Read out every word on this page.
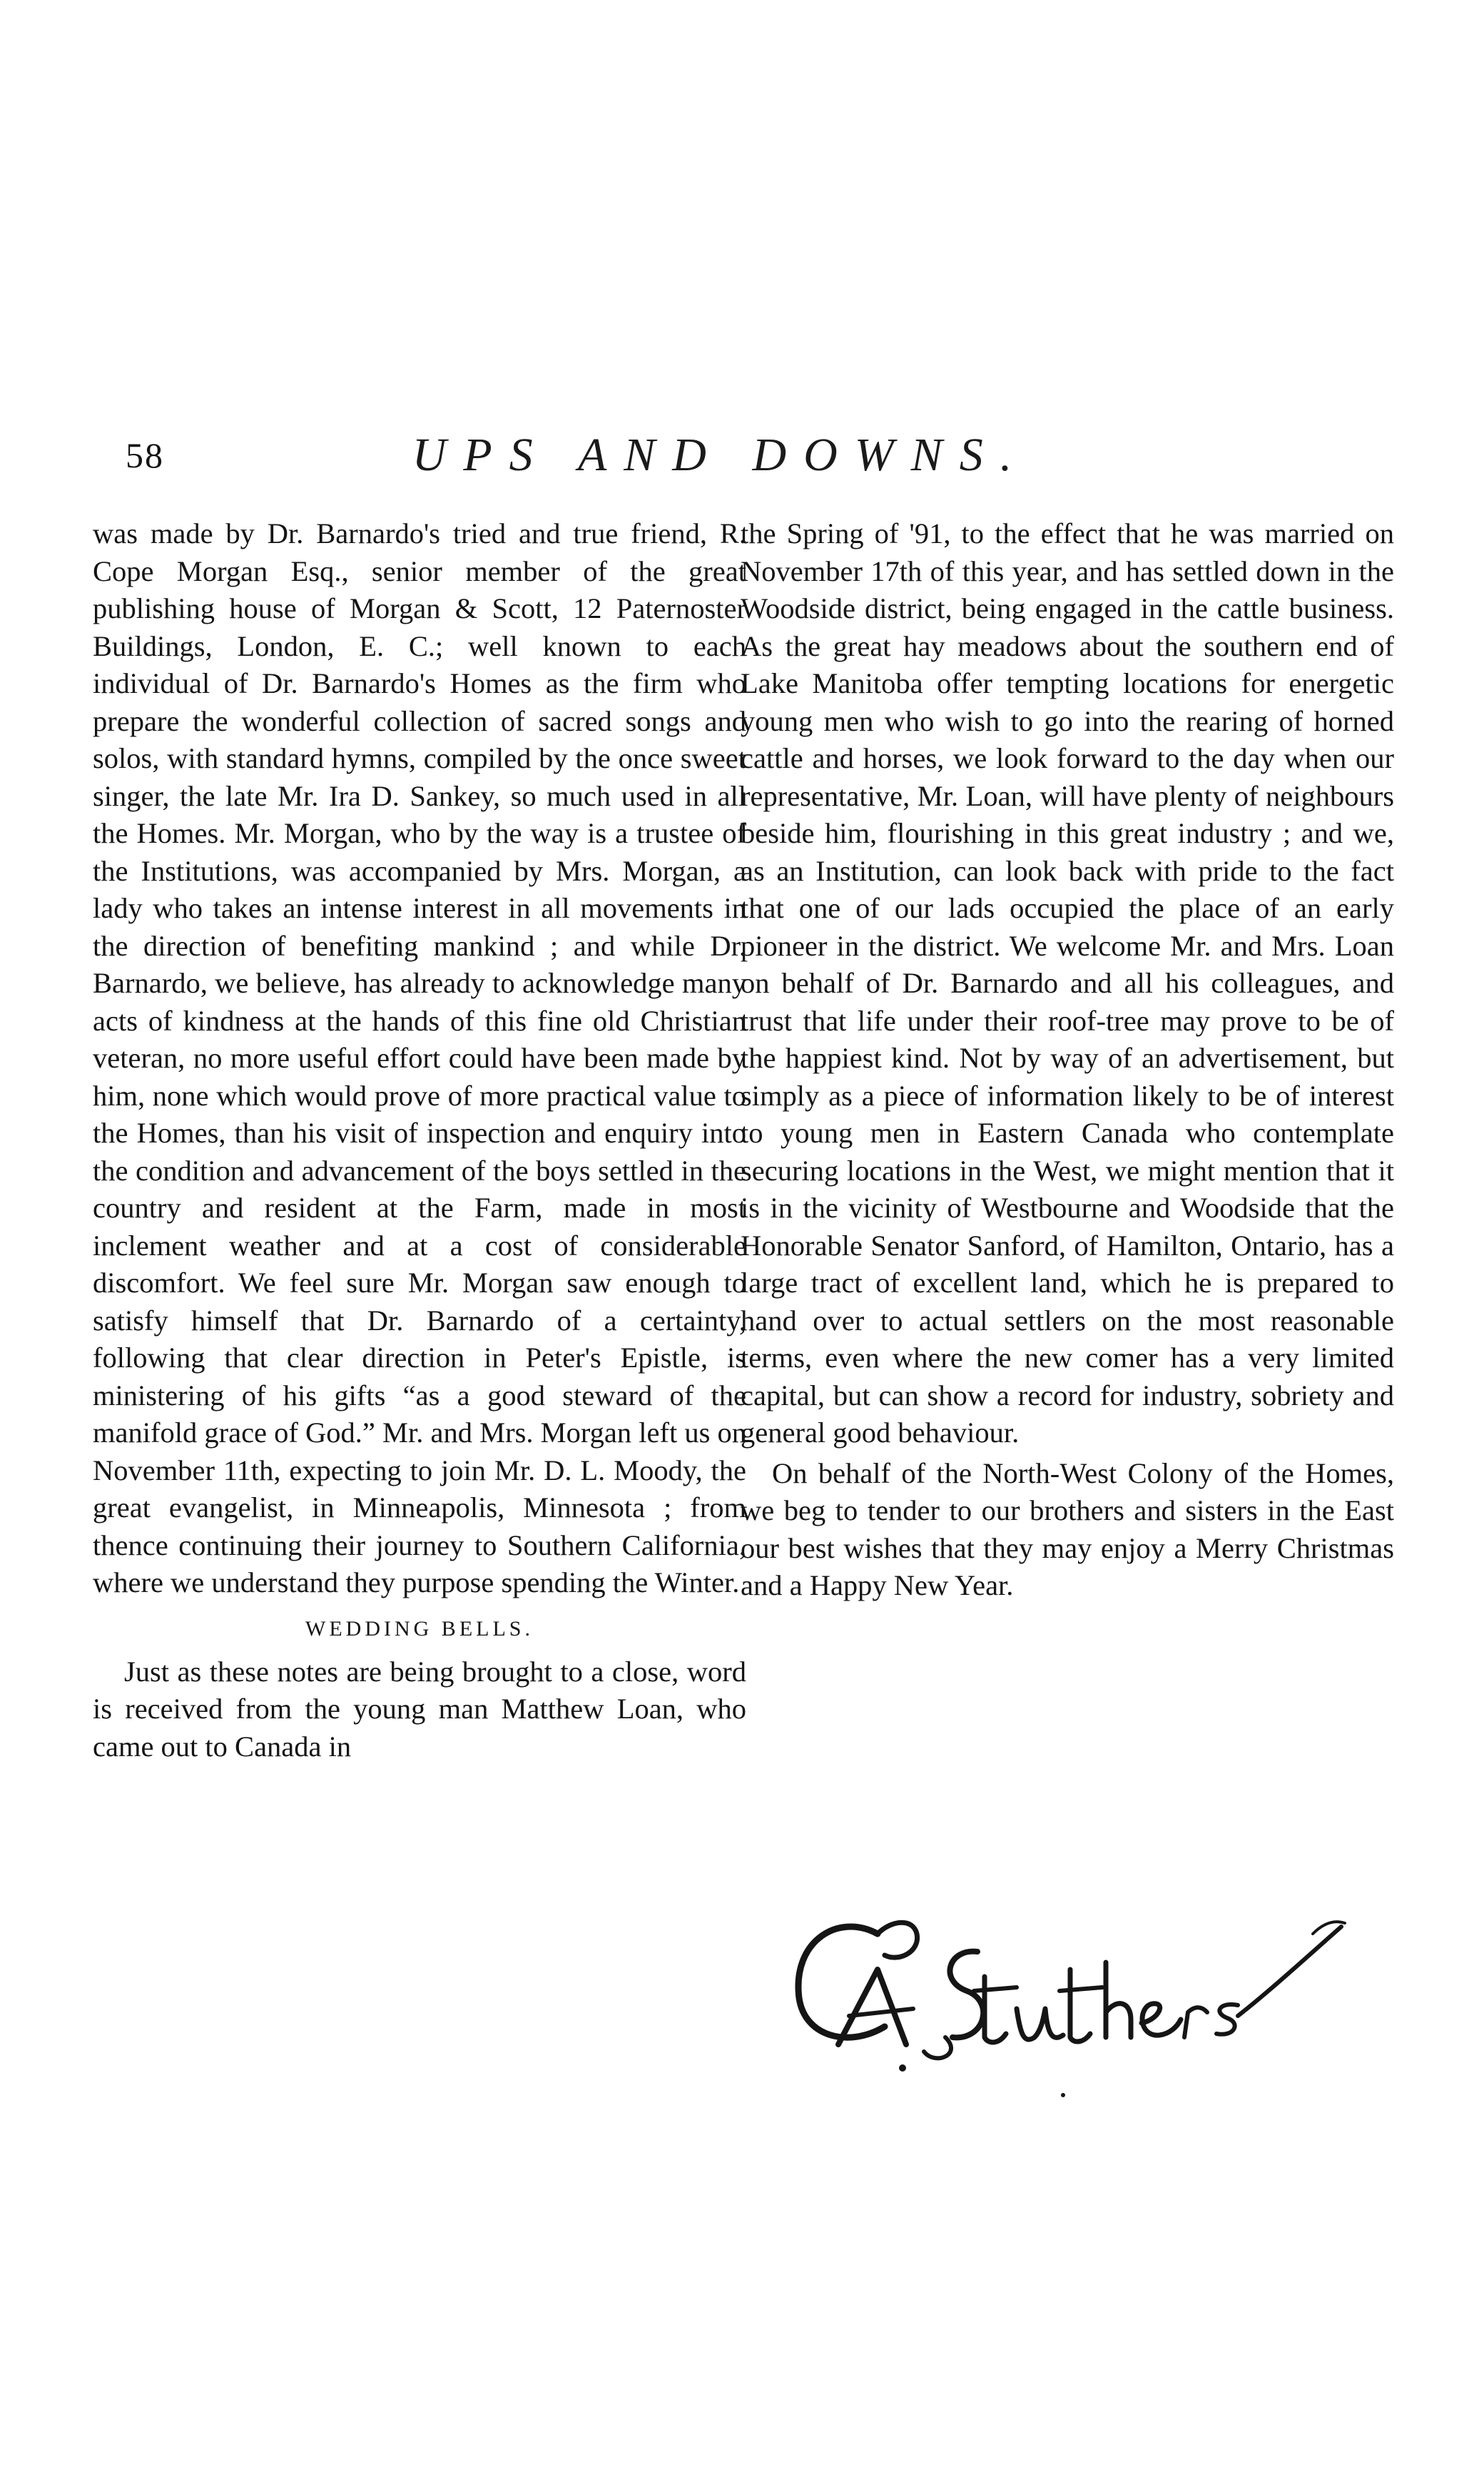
58	UPS AND DOWNS.

was made by Dr. Barnardo's tried and true friend, R. Cope Morgan Esq., senior member of the great publishing house of Morgan & Scott, 12 Paternoster Buildings, London, E. C.; well known to each individual of Dr. Barnardo's Homes as the firm who prepare the wonderful collection of sacred songs and solos, with standard hymns, compiled by the once sweet singer, the late Mr. Ira D. Sankey, so much used in all the Homes. Mr. Morgan, who by the way is a trustee of the Institutions, was accompanied by Mrs. Morgan, a lady who takes an intense interest in all movements in the direction of benefiting mankind ; and while Dr. Barnardo, we believe, has already to acknowledge many acts of kindness at the hands of this fine old Christian veteran, no more useful effort could have been made by him, none which would prove of more practical value to the Homes, than his visit of inspection and enquiry into the condition and advancement of the boys settled in the country and resident at the Farm, made in most inclement weather and at a cost of considerable discomfort. We feel sure Mr. Morgan saw enough to satisfy himself that Dr. Barnardo of a certainty, following that clear direction in Peter's Epistle, is ministering of his gifts “as a good steward of the manifold grace of God.” Mr. and Mrs. Morgan left us on November 11th, expecting to join Mr. D. L. Moody, the great evangelist, in Minneapolis, Minnesota ; from thence continuing their journey to Southern California, where we understand they purpose spending the Winter.

WEDDING BELLS.

Just as these notes are being brought to a close, word is received from the young man Matthew Loan, who came out to Canada in

the Spring of '91, to the effect that he was married on November 17th of this year, and has settled down in the Woodside district, being engaged in the cattle business. As the great hay meadows about the southern end of Lake Manitoba offer tempting locations for energetic young men who wish to go into the rearing of horned cattle and horses, we look forward to the day when our representative, Mr. Loan, will have plenty of neighbours beside him, flourishing in this great industry ; and we, as an Institution, can look back with pride to the fact that one of our lads occupied the place of an early pioneer in the district. We welcome Mr. and Mrs. Loan on behalf of Dr. Barnardo and all his colleagues, and trust that life under their roof-tree may prove to be of the happiest kind. Not by way of an advertisement, but simply as a piece of information likely to be of interest to young men in Eastern Canada who contemplate securing locations in the West, we might mention that it is in the vicinity of Westbourne and Woodside that the Honorable Senator Sanford, of Hamilton, Ontario, has a large tract of excellent land, which he is prepared to hand over to actual settlers on the most reasonable terms, even where the new comer has a very limited capital, but can show a record for industry, sobriety and general good behaviour.

On behalf of the North-West Colony of the Homes, we beg to tender to our brothers and sisters in the East our best wishes that they may enjoy a Merry Christmas and a Happy New Year.
